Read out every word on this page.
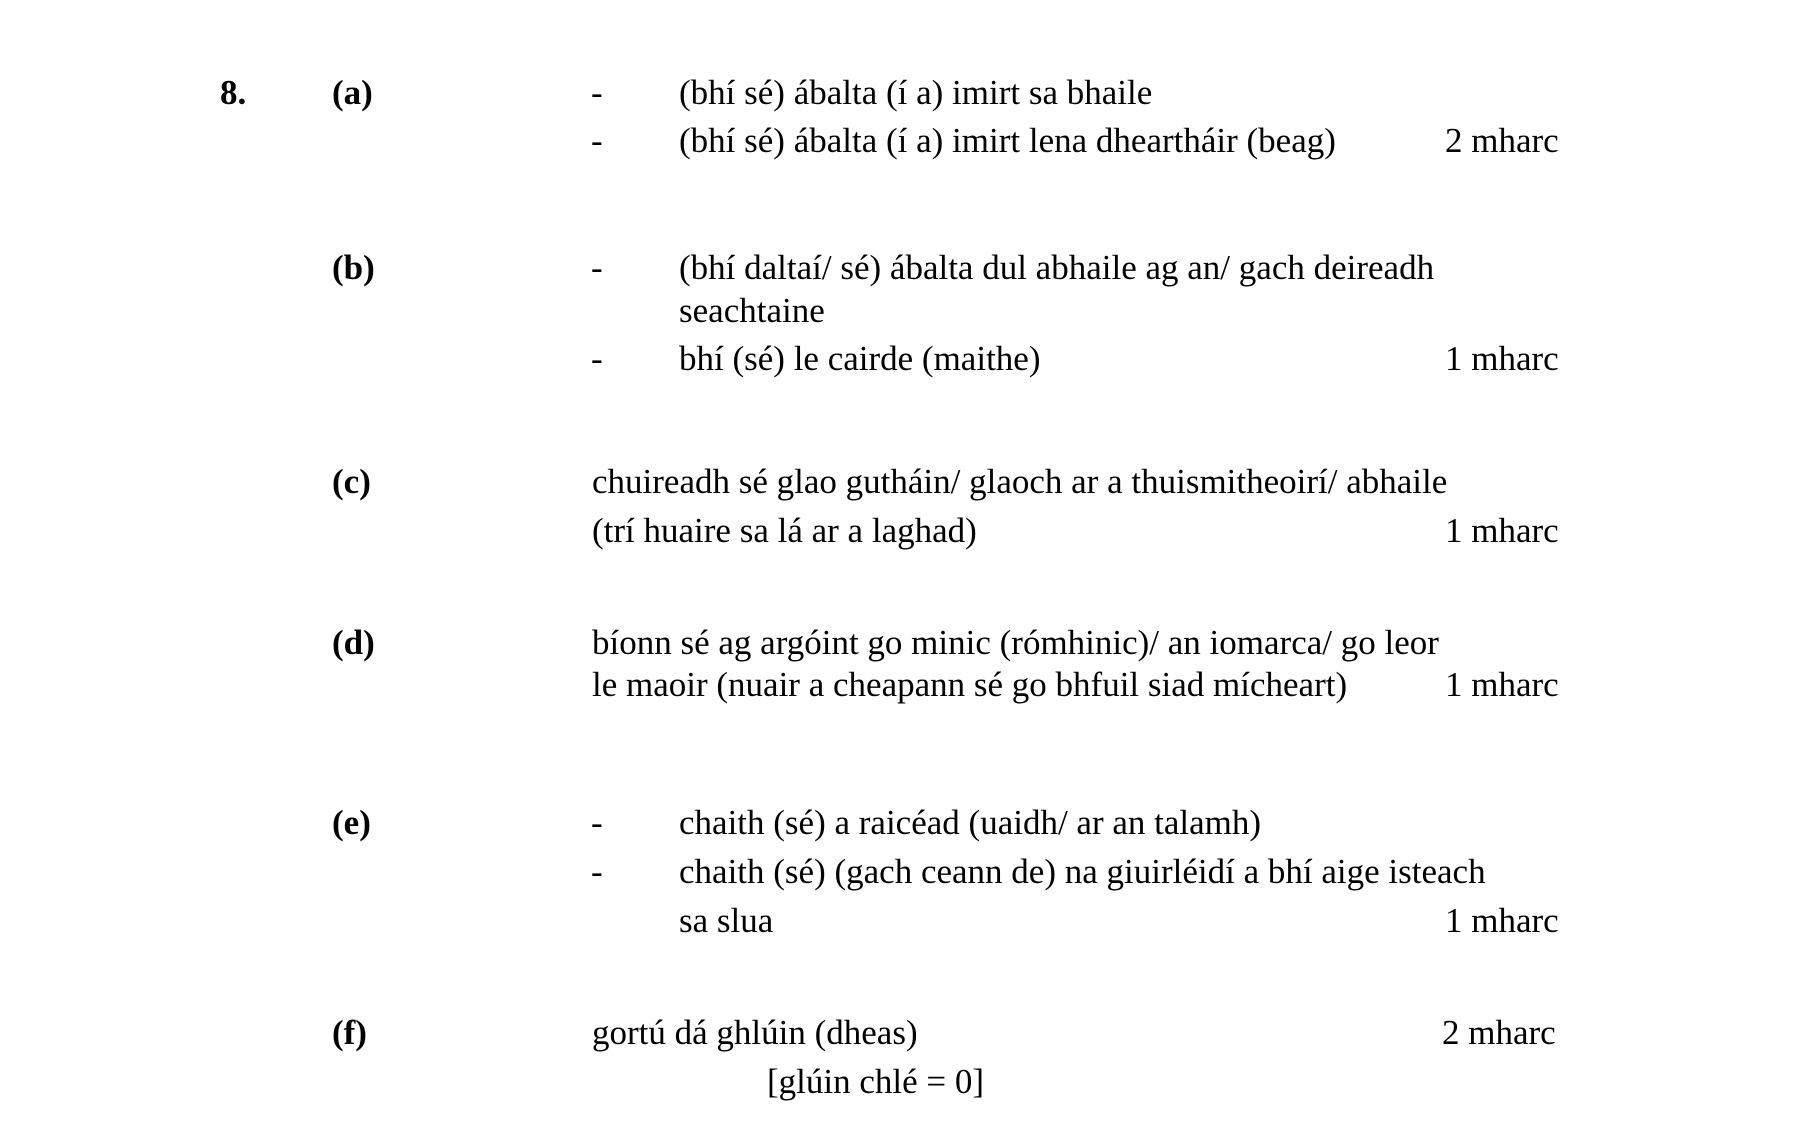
8. (a)	- (bhí sé) ábalta (í a) imirt sa bhaile
- (bhí sé) ábalta (í a) imirt lena dheartháir (beag)	2 mharc
(b)	- (bhí daltaí/ sé) ábalta dul abhaile ag an/ gach deireadh
seachtaine
- bhí (sé) le cairde (maithe)	1 mharc
(c)	chuireadh sé glao gutháin/ glaoch ar a thuismitheoirí/ abhaile
(trí huaire sa lá ar a laghad)	1 mharc
(d)	bíonn sé ag argóint go minic (rómhinic)/ an iomarca/ go leor
le maoir (nuair a cheapann sé go bhfuil siad mícheart)	1 mharc
(e)	- chaith (sé) a raicéad (uaidh/ ar an talamh)
- chaith (sé) (gach ceann de) na giuirléidí a bhí aige isteach
sa slua	1 mharc
(f)	gortú dá ghlúin (dheas)	2 mharc
[glúin chlé = 0]
